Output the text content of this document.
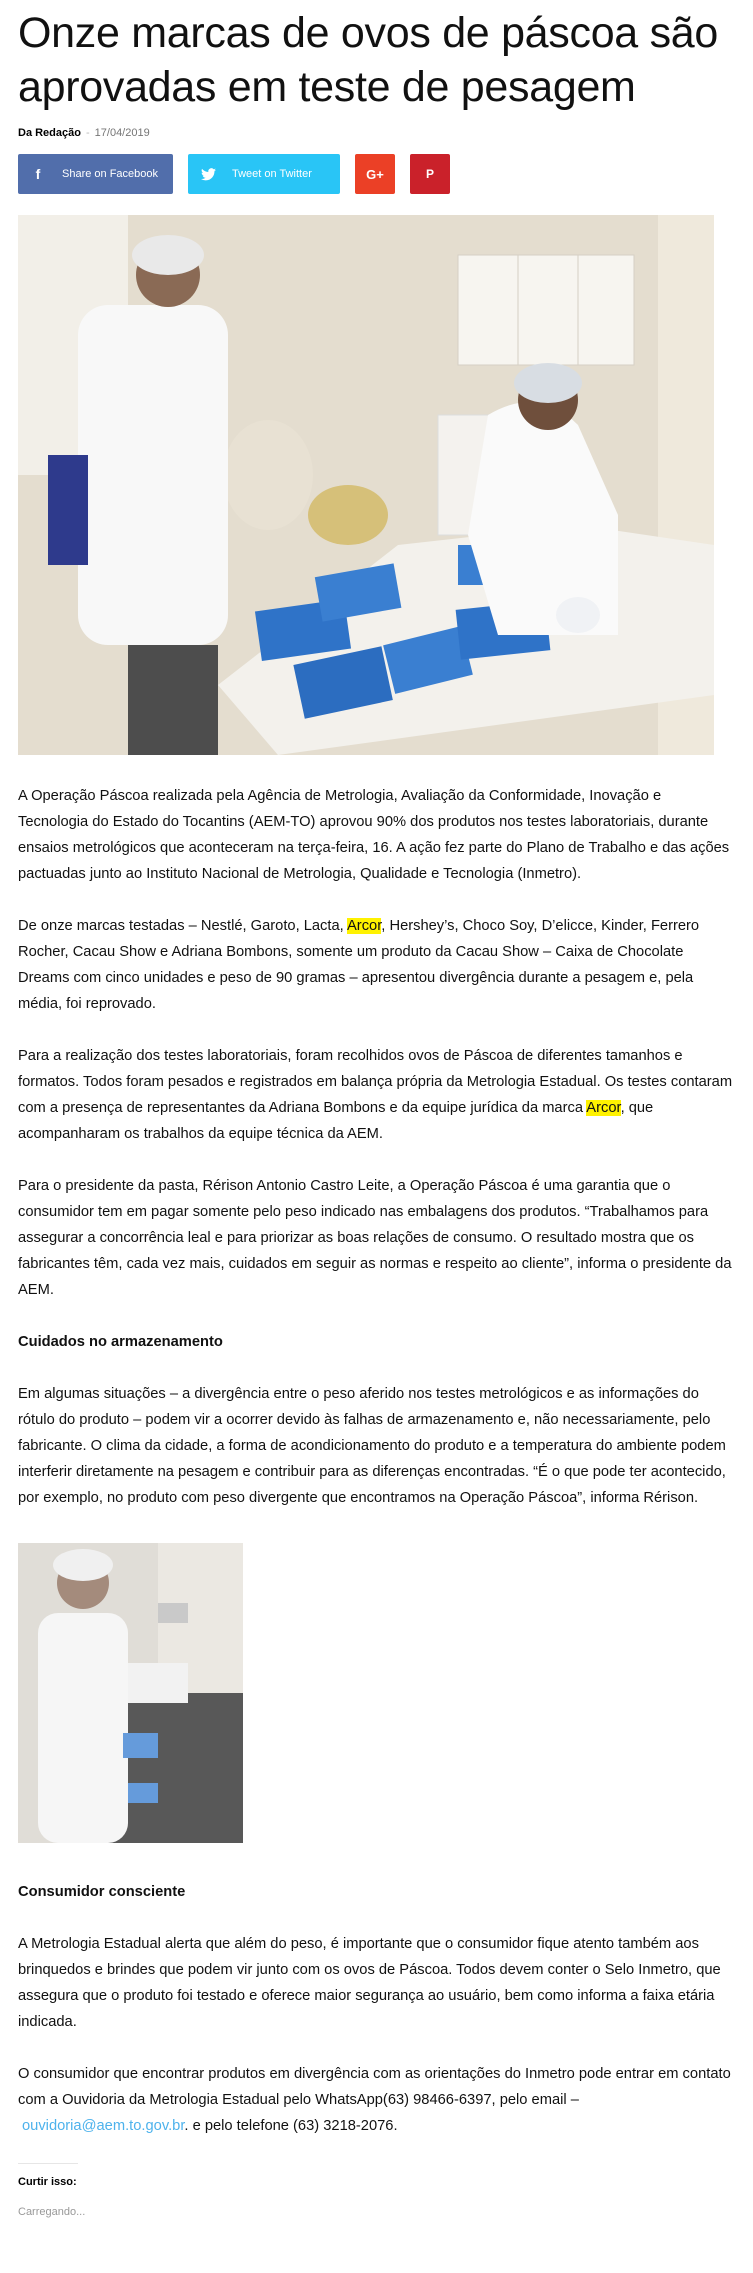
Onze marcas de ovos de páscoa são aprovadas em teste de pesagem
Da Redação - 17/04/2019
f	Share on Facebook	Tweet on Twitter	G+	P

A Operação Páscoa realizada pela Agência de Metrologia, Avaliação da Conformidade, Inovação e Tecnologia do Estado do Tocantins (AEM-TO) aprovou 90% dos produtos nos testes laboratoriais, durante ensaios metrológicos que aconteceram na terça-feira, 16. A ação fez parte do Plano de Trabalho e das ações pactuadas junto ao Instituto Nacional de Metrologia, Qualidade e Tecnologia (Inmetro).

De onze marcas testadas – Nestlé, Garoto, Lacta, Arcor, Hershey’s, Choco Soy, D’elicce, Kinder, Ferrero Rocher, Cacau Show e Adriana Bombons, somente um produto da Cacau Show – Caixa de Chocolate Dreams com cinco unidades e peso de 90 gramas – apresentou divergência durante a pesagem e, pela média, foi reprovado.

Para a realização dos testes laboratoriais, foram recolhidos ovos de Páscoa de diferentes tamanhos e formatos. Todos foram pesados e registrados em balança própria da Metrologia Estadual. Os testes contaram com a presença de representantes da Adriana Bombons e da equipe jurídica da marca Arcor, que acompanharam os trabalhos da equipe técnica da AEM.

Para o presidente da pasta, Rérison Antonio Castro Leite, a Operação Páscoa é uma garantia que o consumidor tem em pagar somente pelo peso indicado nas embalagens dos produtos. “Trabalhamos para assegurar a concorrência leal e para priorizar as boas relações de consumo. O resultado mostra que os fabricantes têm, cada vez mais, cuidados em seguir as normas e respeito ao cliente”, informa o presidente da AEM.

Cuidados no armazenamento

Em algumas situações – a divergência entre o peso aferido nos testes metrológicos e as informações do rótulo do produto – podem vir a ocorrer devido às falhas de armazenamento e, não necessariamente, pelo fabricante. O clima da cidade, a forma de acondicionamento do produto e a temperatura do ambiente podem interferir diretamente na pesagem e contribuir para as diferenças encontradas. “É o que pode ter acontecido, por exemplo, no produto com peso divergente que encontramos na Operação Páscoa”, informa Rérison.

Consumidor consciente

A Metrologia Estadual alerta que além do peso, é importante que o consumidor fique atento também aos brinquedos e brindes que podem vir junto com os ovos de Páscoa. Todos devem conter o Selo Inmetro, que assegura que o produto foi testado e oferece maior segurança ao usuário, bem como informa a faixa etária indicada.

O consumidor que encontrar produtos em divergência com as orientações do Inmetro pode entrar em contato com a Ouvidoria da Metrologia Estadual pelo WhatsApp(63) 98466-6397, pelo email –
ouvidoria@aem.to.gov.br. e pelo telefone (63) 3218-2076.

Curtir isso:
Carregando...
